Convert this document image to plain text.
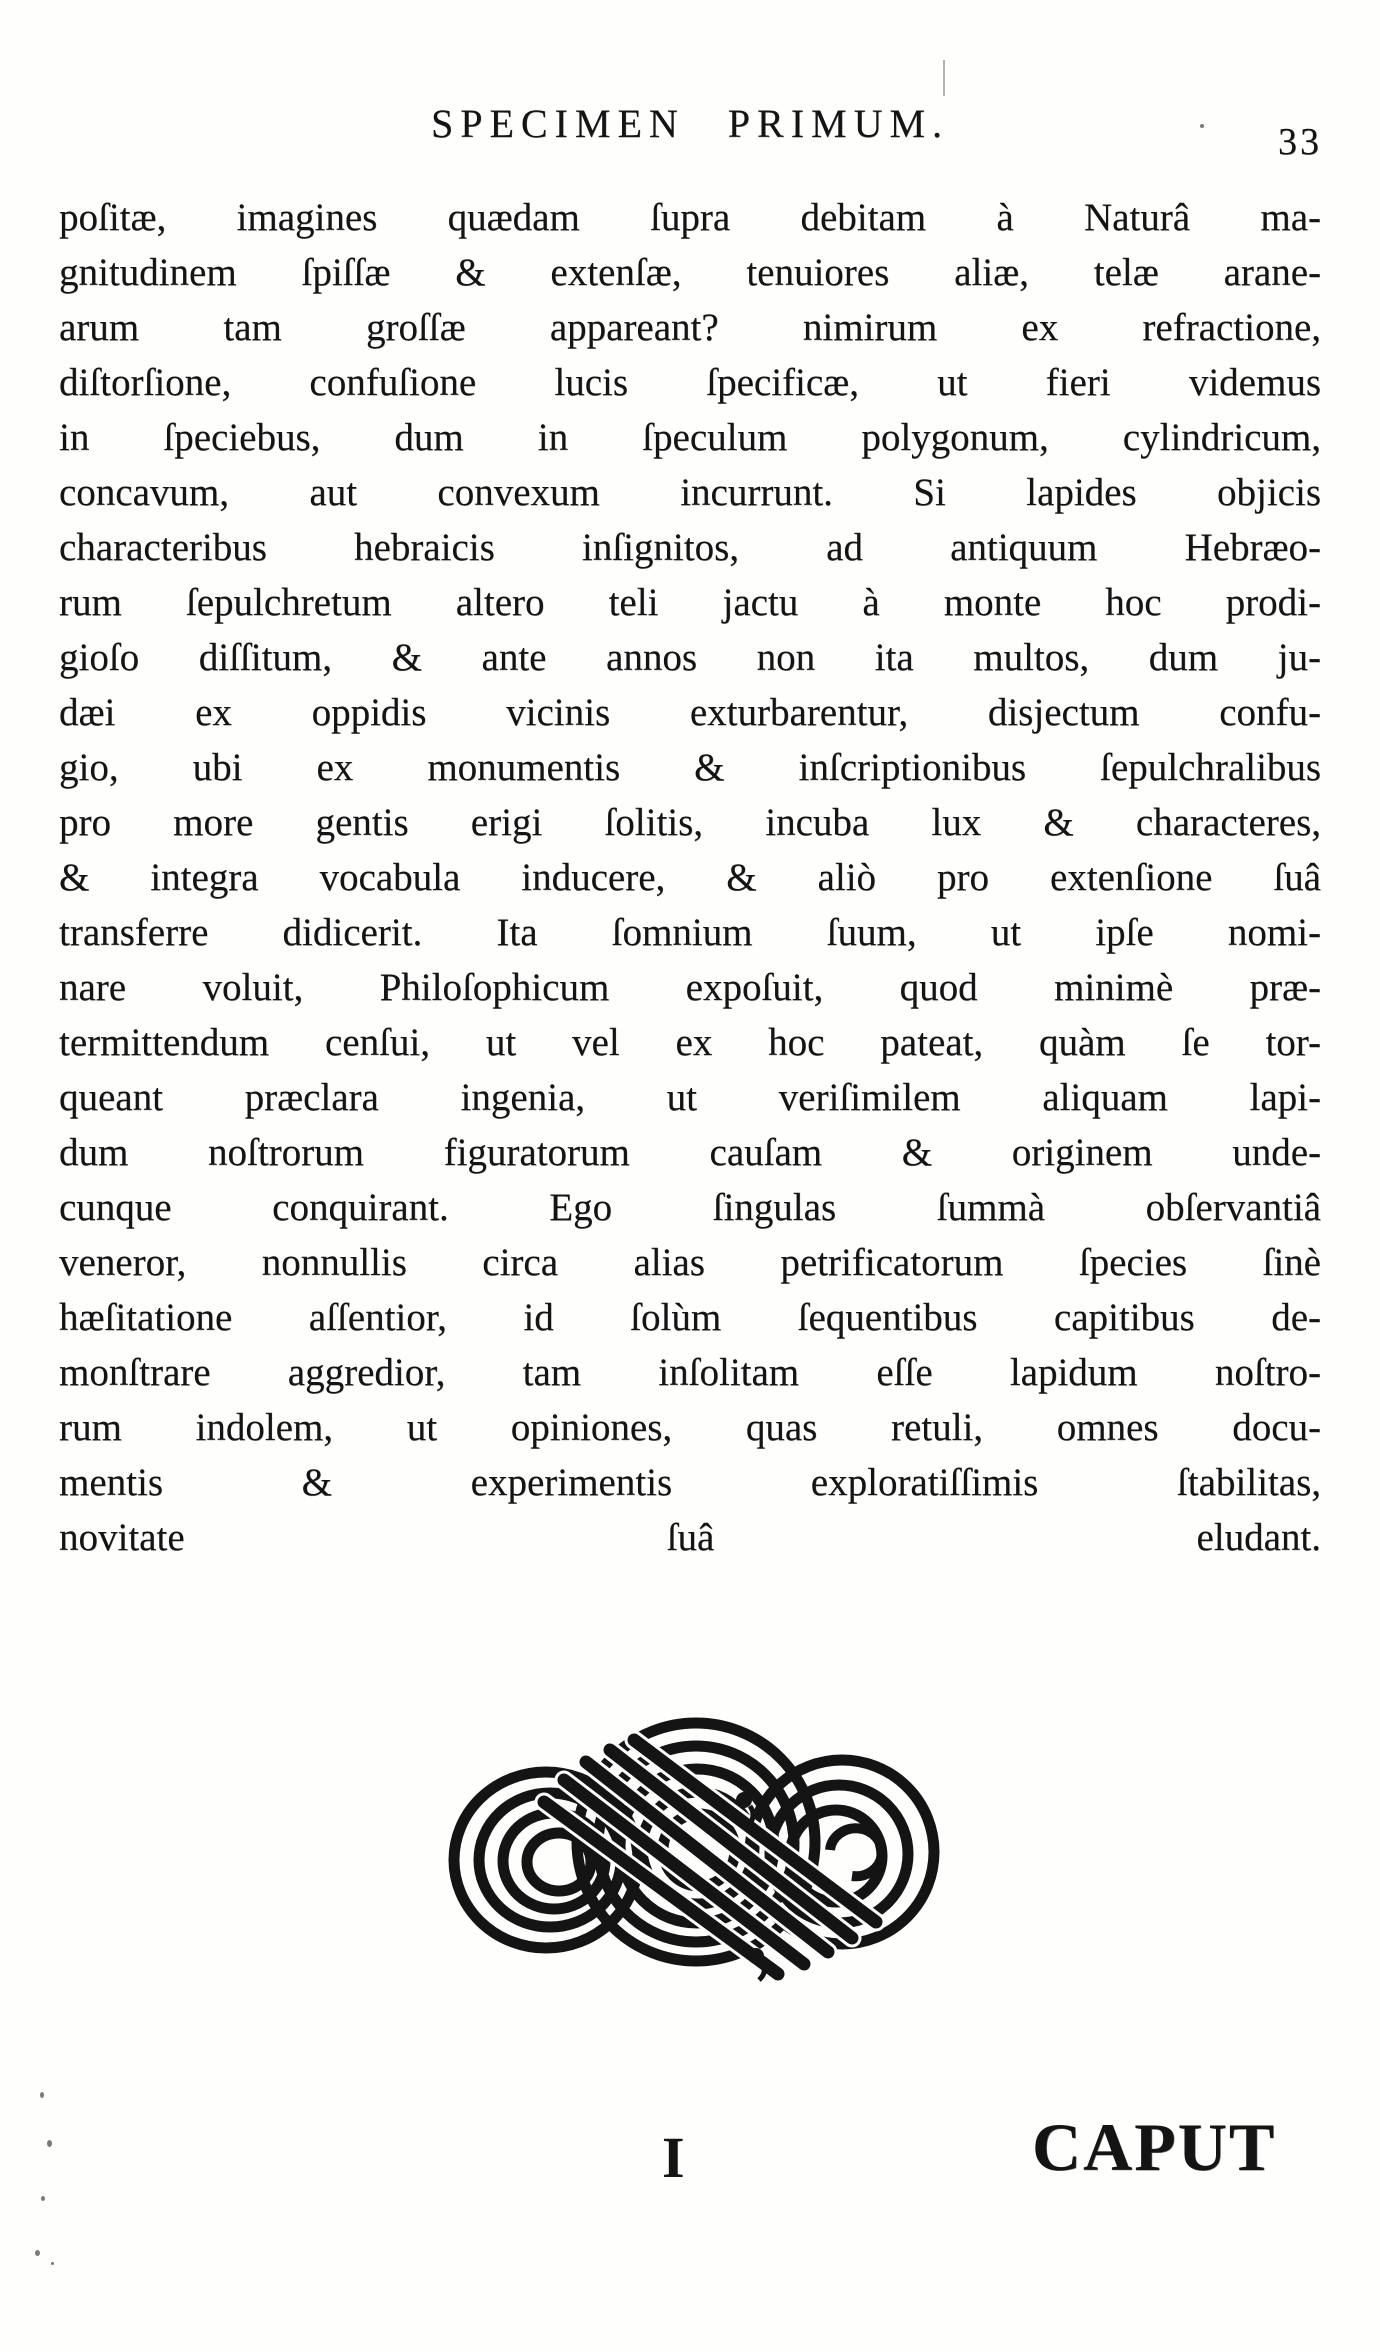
SPECIMEN PRIMUM.	33
poſitæ, imagines quædam ſupra debitam à Naturâ ma-
gnitudinem ſpiſſæ & extenſæ, tenuiores aliæ, telæ arane-
arum tam groſſæ appareant? nimirum ex refractione,
diſtorſione, confuſione lucis ſpecificæ, ut fieri videmus
in ſpeciebus, dum in ſpeculum polygonum, cylindricum,
concavum, aut convexum incurrunt. Si lapides objicis
characteribus hebraicis inſignitos, ad antiquum Hebræo-
rum ſepulchretum altero teli jactu à monte hoc prodi-
gioſo diſſitum, & ante annos non ita multos, dum ju-
dæi ex oppidis vicinis exturbarentur, disjectum confu-
gio, ubi ex monumentis & inſcriptionibus ſepulchralibus
pro more gentis erigi ſolitis, incuba lux & characteres,
& integra vocabula inducere, & aliò pro extenſione ſuâ
transferre didicerit. Ita ſomnium ſuum, ut ipſe nomi-
nare voluit, Philoſophicum expoſuit, quod minimè præ-
termittendum cenſui, ut vel ex hoc pateat, quàm ſe tor-
queant præclara ingenia, ut veriſimilem aliquam lapi-
dum noſtrorum figuratorum cauſam & originem unde-
cunque conquirant. Ego ſingulas ſummà obſervantiâ
veneror, nonnullis circa alias petrificatorum ſpecies ſinè
hæſitatione aſſentior, id ſolùm ſequentibus capitibus de-
monſtrare aggredior, tam inſolitam eſſe lapidum noſtro-
rum indolem, ut opiniones, quas retuli, omnes docu-
mentis & experimentis exploratiſſimis ſtabilitas,
novitate ſuâ eludant.
I	CAPUT
